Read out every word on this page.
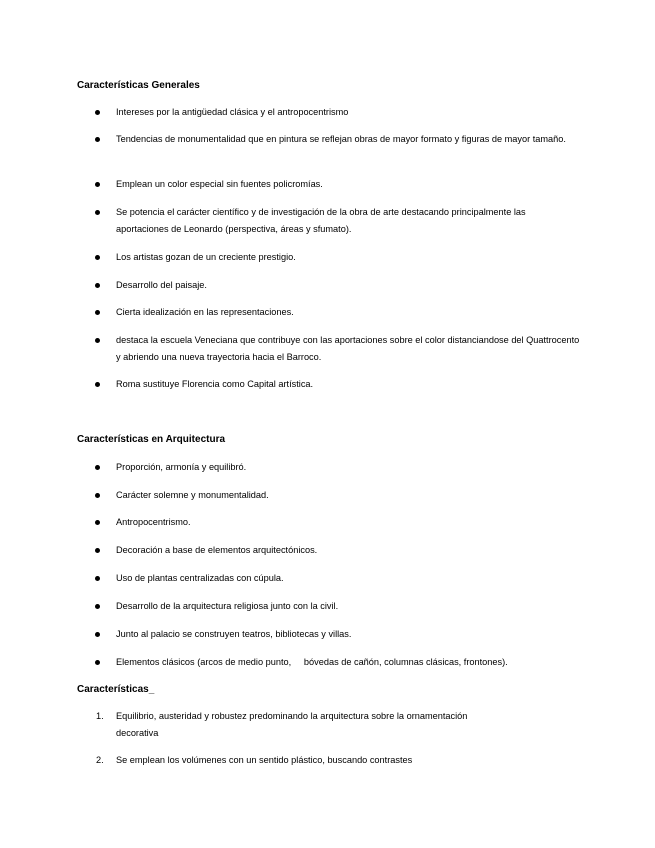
Características Generales
Intereses por la antigüedad clásica y el antropocentrismo
Tendencias de monumentalidad que en pintura se reflejan obras de mayor formato y figuras de mayor tamaño.
Emplean un color especial sin fuentes policromías.
Se potencia el carácter científico y de investigación de la obra de arte destacando principalmente las aportaciones de Leonardo (perspectiva, áreas y sfumato).
Los artistas gozan de un creciente prestigio.
Desarrollo del paisaje.
Cierta idealización en las representaciones.
destaca la escuela Veneciana que contribuye con las aportaciones sobre el color distanciandose del Quattrocento y abriendo una nueva trayectoria hacia el Barroco.
Roma sustituye Florencia como Capital artística.
Características en Arquitectura
Proporción, armonía y equilibró.
Carácter solemne y monumentalidad.
Antropocentrismo.
Decoración a base de elementos arquitectónicos.
Uso de plantas centralizadas con cúpula.
Desarrollo de la arquitectura religiosa junto con la civil.
Junto al palacio se construyen teatros, bibliotecas y villas.
Elementos clásicos (arcos de medio punto,     bóvedas de cañón, columnas clásicas, frontones).
Características_
1. Equilibrio, austeridad y robustez predominando la arquitectura sobre la ornamentación decorativa
2. Se emplean los volúmenes con un sentido plástico, buscando contrastes
